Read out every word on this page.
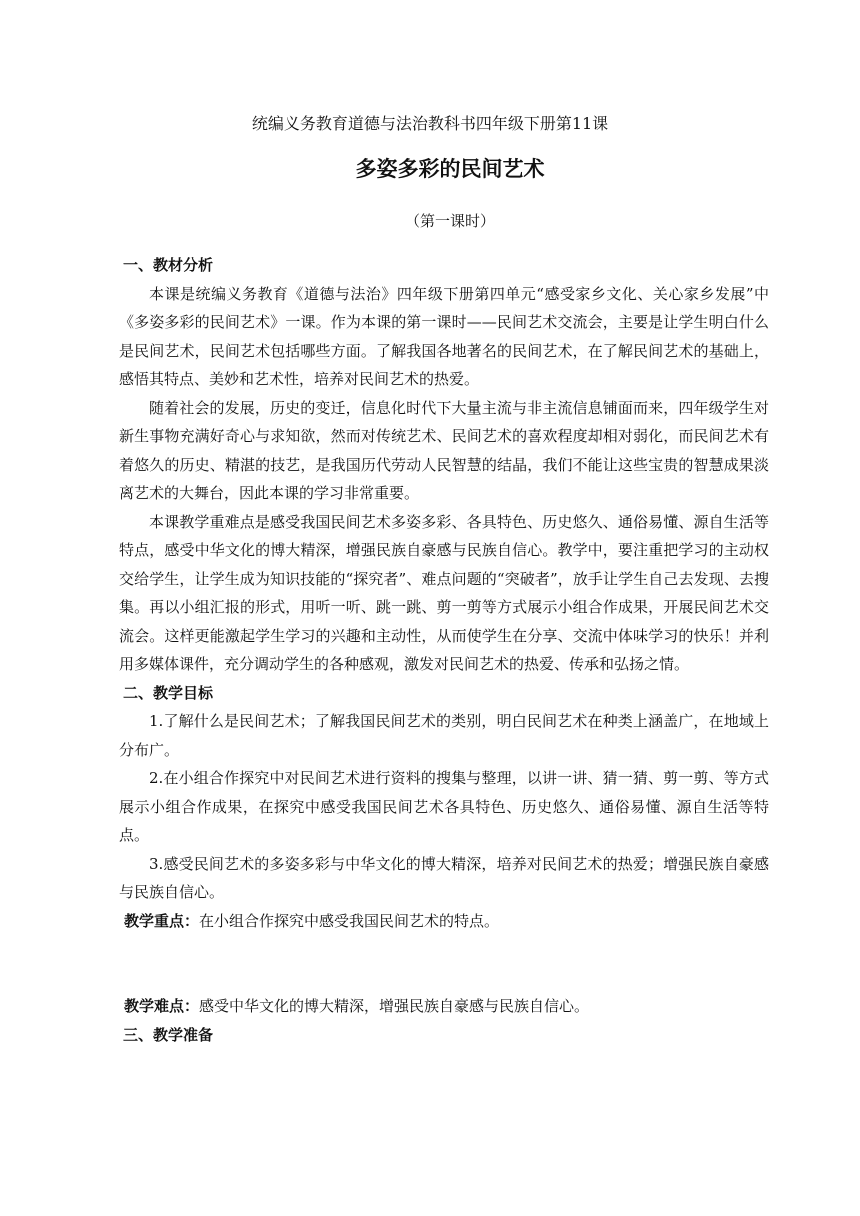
统编义务教育道德与法治教科书四年级下册第11课
多姿多彩的民间艺术
（第一课时）
一、教材分析

本课是统编义务教育《道德与法治》四年级下册第四单元“感受家乡文化、关心家乡发展”中《多姿多彩的民间艺术》一课。作为本课的第一课时——民间艺术交流会，主要是让学生明白什么是民间艺术，民间艺术包括哪些方面。了解我国各地著名的民间艺术，在了解民间艺术的基础上，感悟其特点、美妙和艺术性，培养对民间艺术的热爱。

随着社会的发展，历史的变迁，信息化时代下大量主流与非主流信息铺面而来，四年级学生对新生事物充满好奇心与求知欲，然而对传统艺术、民间艺术的喜欢程度却相对弱化，而民间艺术有着悠久的历史、精湛的技艺，是我国历代劳动人民智慧的结晶，我们不能让这些宝贵的智慧成果淡离艺术的大舞台，因此本课的学习非常重要。

本课教学重难点是感受我国民间艺术多姿多彩、各具特色、历史悠久、通俗易懂、源自生活等特点，感受中华文化的博大精深，增强民族自豪感与民族自信心。教学中，要注重把学习的主动权交给学生，让学生成为知识技能的“探究者”、难点问题的“突破者”，放手让学生自己去发现、去搜集。再以小组汇报的形式，用听一听、跳一跳、剪一剪等方式展示小组合作成果，开展民间艺术交流会。这样更能激起学生学习的兴趣和主动性，从而使学生在分享、交流中体味学习的快乐！并利用多媒体课件，充分调动学生的各种感观，激发对民间艺术的热爱、传承和弘扬之情。

二、教学目标

1.了解什么是民间艺术；了解我国民间艺术的类别，明白民间艺术在种类上涵盖广，在地域上分布广。

2.在小组合作探究中对民间艺术进行资料的搜集与整理，以讲一讲、猜一猜、剪一剪、等方式展示小组合作成果，在探究中感受我国民间艺术各具特色、历史悠久、通俗易懂、源自生活等特点。

3.感受民间艺术的多姿多彩与中华文化的博大精深，培养对民间艺术的热爱；增强民族自豪感与民族自信心。

教学重点：在小组合作探究中感受我国民间艺术的特点。
教学难点：感受中华文化的博大精深，增强民族自豪感与民族自信心。
三、教学准备
